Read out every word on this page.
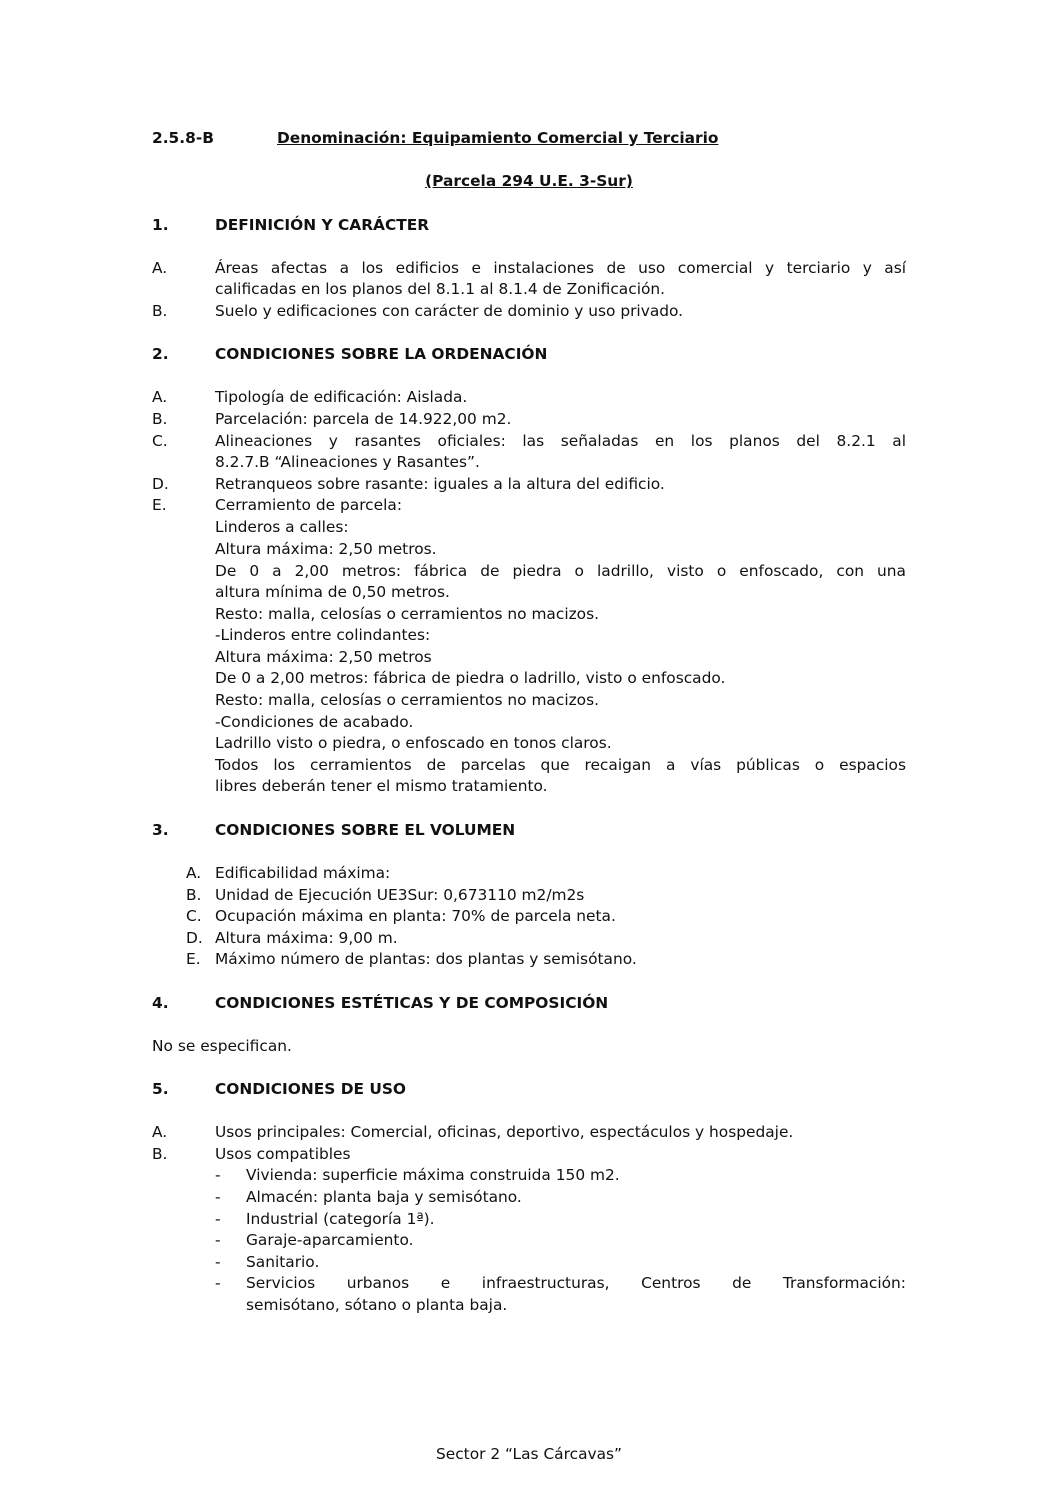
2.5.8-B	Denominación: Equipamiento Comercial y Terciario
(Parcela 294 U.E. 3-Sur)
1.	DEFINICIÓN Y CARÁCTER
A.	Áreas afectas a los edificios e instalaciones de uso comercial y terciario y así
calificadas en los planos del 8.1.1 al 8.1.4 de Zonificación.
B.	Suelo y edificaciones con carácter de dominio y uso privado.
2.	CONDICIONES SOBRE LA ORDENACIÓN
A.	Tipología de edificación: Aislada.
B.	Parcelación: parcela de 14.922,00 m2.
C.	Alineaciones y rasantes oficiales: las señaladas en los planos del 8.2.1 al
8.2.7.B “Alineaciones y Rasantes”.
D.	Retranqueos sobre rasante: iguales a la altura del edificio.
E.	Cerramiento de parcela:
Linderos a calles:
Altura máxima: 2,50 metros.
De 0 a 2,00 metros: fábrica de piedra o ladrillo, visto o enfoscado, con una
altura mínima de 0,50 metros.
Resto: malla, celosías o cerramientos no macizos.
-Linderos entre colindantes:
Altura máxima: 2,50 metros
De 0 a 2,00 metros: fábrica de piedra o ladrillo, visto o enfoscado.
Resto: malla, celosías o cerramientos no macizos.
-Condiciones de acabado.
Ladrillo visto o piedra, o enfoscado en tonos claros.
Todos los cerramientos de parcelas que recaigan a vías públicas o espacios
libres deberán tener el mismo tratamiento.
3.	CONDICIONES SOBRE EL VOLUMEN
A. Edificabilidad máxima:
B. Unidad de Ejecución UE3Sur: 0,673110 m2/m2s
C. Ocupación máxima en planta: 70% de parcela neta.
D. Altura máxima: 9,00 m.
E. Máximo número de plantas: dos plantas y semisótano.
4.	CONDICIONES ESTÉTICAS Y DE COMPOSICIÓN
No se especifican.
5.	CONDICIONES DE USO
A.	Usos principales: Comercial, oficinas, deportivo, espectáculos y hospedaje.
B.	Usos compatibles
- Vivienda: superficie máxima construida 150 m2.
- Almacén: planta baja y semisótano.
- Industrial (categoría 1ª).
- Garaje-aparcamiento.
- Sanitario.
- Servicios urbanos e infraestructuras, Centros de Transformación:
semisótano, sótano o planta baja.
Sector 2 “Las Cárcavas”
